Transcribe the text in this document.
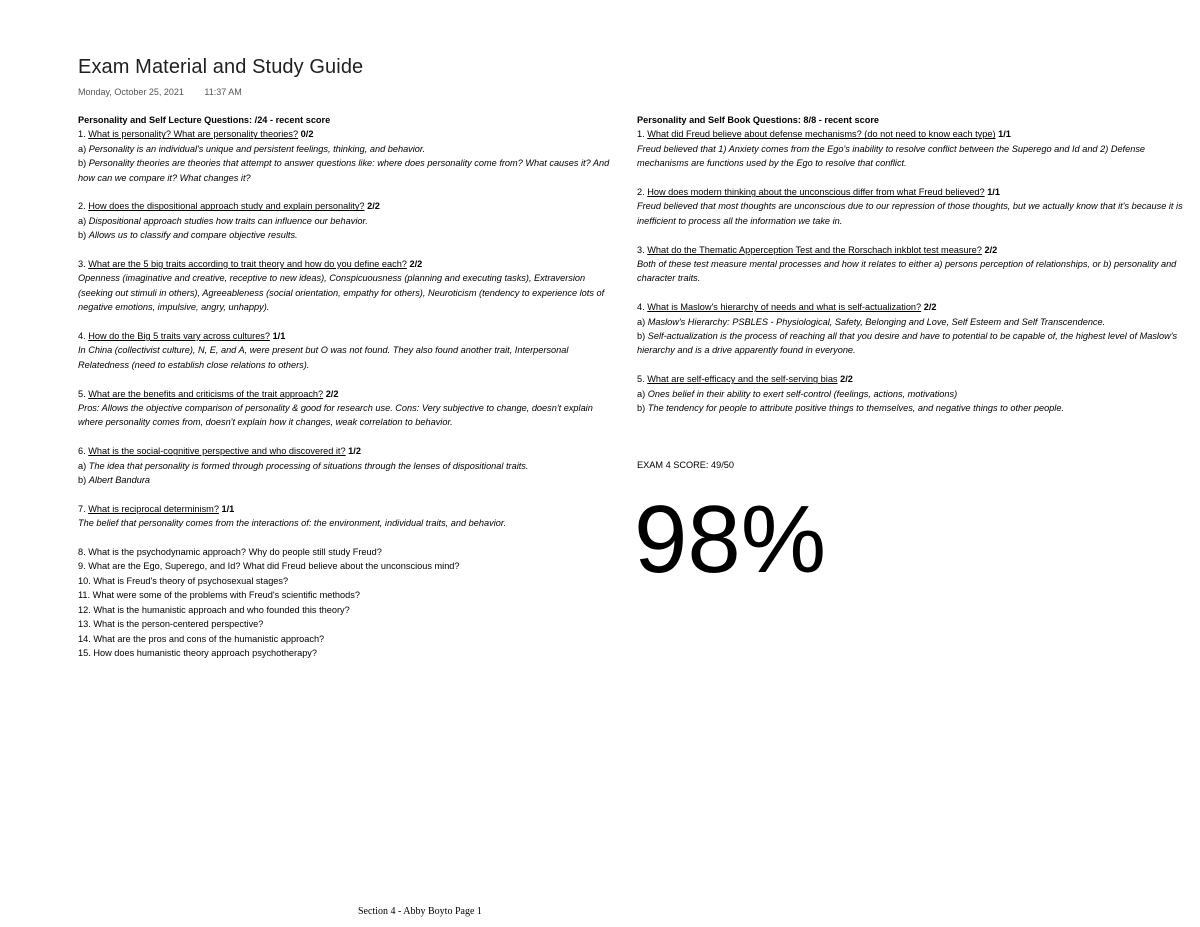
Exam Material and Study Guide
Monday, October 25, 2021 11:37 AM
Personality and Self Lecture Questions: /24 - recent score
1. What is personality? What are personality theories? 0/2
a) Personality is an individual's unique and persistent feelings, thinking, and behavior.
b) Personality theories are theories that attempt to answer questions like: where does personality come from? What causes it? And how can we compare it? What changes it?
2. How does the dispositional approach study and explain personality? 2/2
a) Dispositional approach studies how traits can influence our behavior.
b) Allows us to classify and compare objective results.
3. What are the 5 big traits according to trait theory and how do you define each? 2/2
Openness (imaginative and creative, receptive to new ideas), Conspicuousness (planning and executing tasks), Extraversion (seeking out stimuli in others), Agreeableness (social orientation, empathy for others), Neuroticism (tendency to experience lots of negative emotions, impulsive, angry, unhappy).
4. How do the Big 5 traits vary across cultures? 1/1
In China (collectivist culture), N, E, and A, were present but O was not found. They also found another trait, Interpersonal Relatedness (need to establish close relations to others).
5. What are the benefits and criticisms of the trait approach? 2/2
Pros: Allows the objective comparison of personality & good for research use. Cons: Very subjective to change, doesn't explain where personality comes from, doesn't explain how it changes, weak correlation to behavior.
6. What is the social-cognitive perspective and who discovered it? 1/2
a) The idea that personality is formed through processing of situations through the lenses of dispositional traits.
b) Albert Bandura
7. What is reciprocal determinism? 1/1
The belief that personality comes from the interactions of: the environment, individual traits, and behavior.
8. What is the psychodynamic approach? Why do people still study Freud?
9. What are the Ego, Superego, and Id? What did Freud believe about the unconscious mind?
10. What is Freud's theory of psychosexual stages?
11. What were some of the problems with Freud's scientific methods?
12. What is the humanistic approach and who founded this theory?
13. What is the person-centered perspective?
14. What are the pros and cons of the humanistic approach?
15. How does humanistic theory approach psychotherapy?
Personality and Self Book Questions: 8/8 - recent score
1. What did Freud believe about defense mechanisms? (do not need to know each type) 1/1
Freud believed that 1) Anxiety comes from the Ego's inability to resolve conflict between the Superego and Id and 2) Defense mechanisms are functions used by the Ego to resolve that conflict.
2. How does modern thinking about the unconscious differ from what Freud believed? 1/1
Freud believed that most thoughts are unconscious due to our repression of those thoughts, but we actually know that it's because it is inefficient to process all the information we take in.
3. What do the Thematic Apperception Test and the Rorschach inkblot test measure? 2/2
Both of these test measure mental processes and how it relates to either a) persons perception of relationships, or b) personality and character traits.
4. What is Maslow's hierarchy of needs and what is self-actualization? 2/2
a) Maslow's Hierarchy: PSBLES - Physiological, Safety, Belonging and Love, Self Esteem and Self Transcendence.
b) Self-actualization is the process of reaching all that you desire and have to potential to be capable of, the highest level of Maslow's hierarchy and is a drive apparently found in everyone.
5. What are self-efficacy and the self-serving bias 2/2
a) Ones belief in their ability to exert self-control (feelings, actions, motivations)
b) The tendency for people to attribute positive things to themselves, and negative things to other people.
EXAM 4 SCORE: 49/50
98%
Section 4 - Abby Boyto Page 1
